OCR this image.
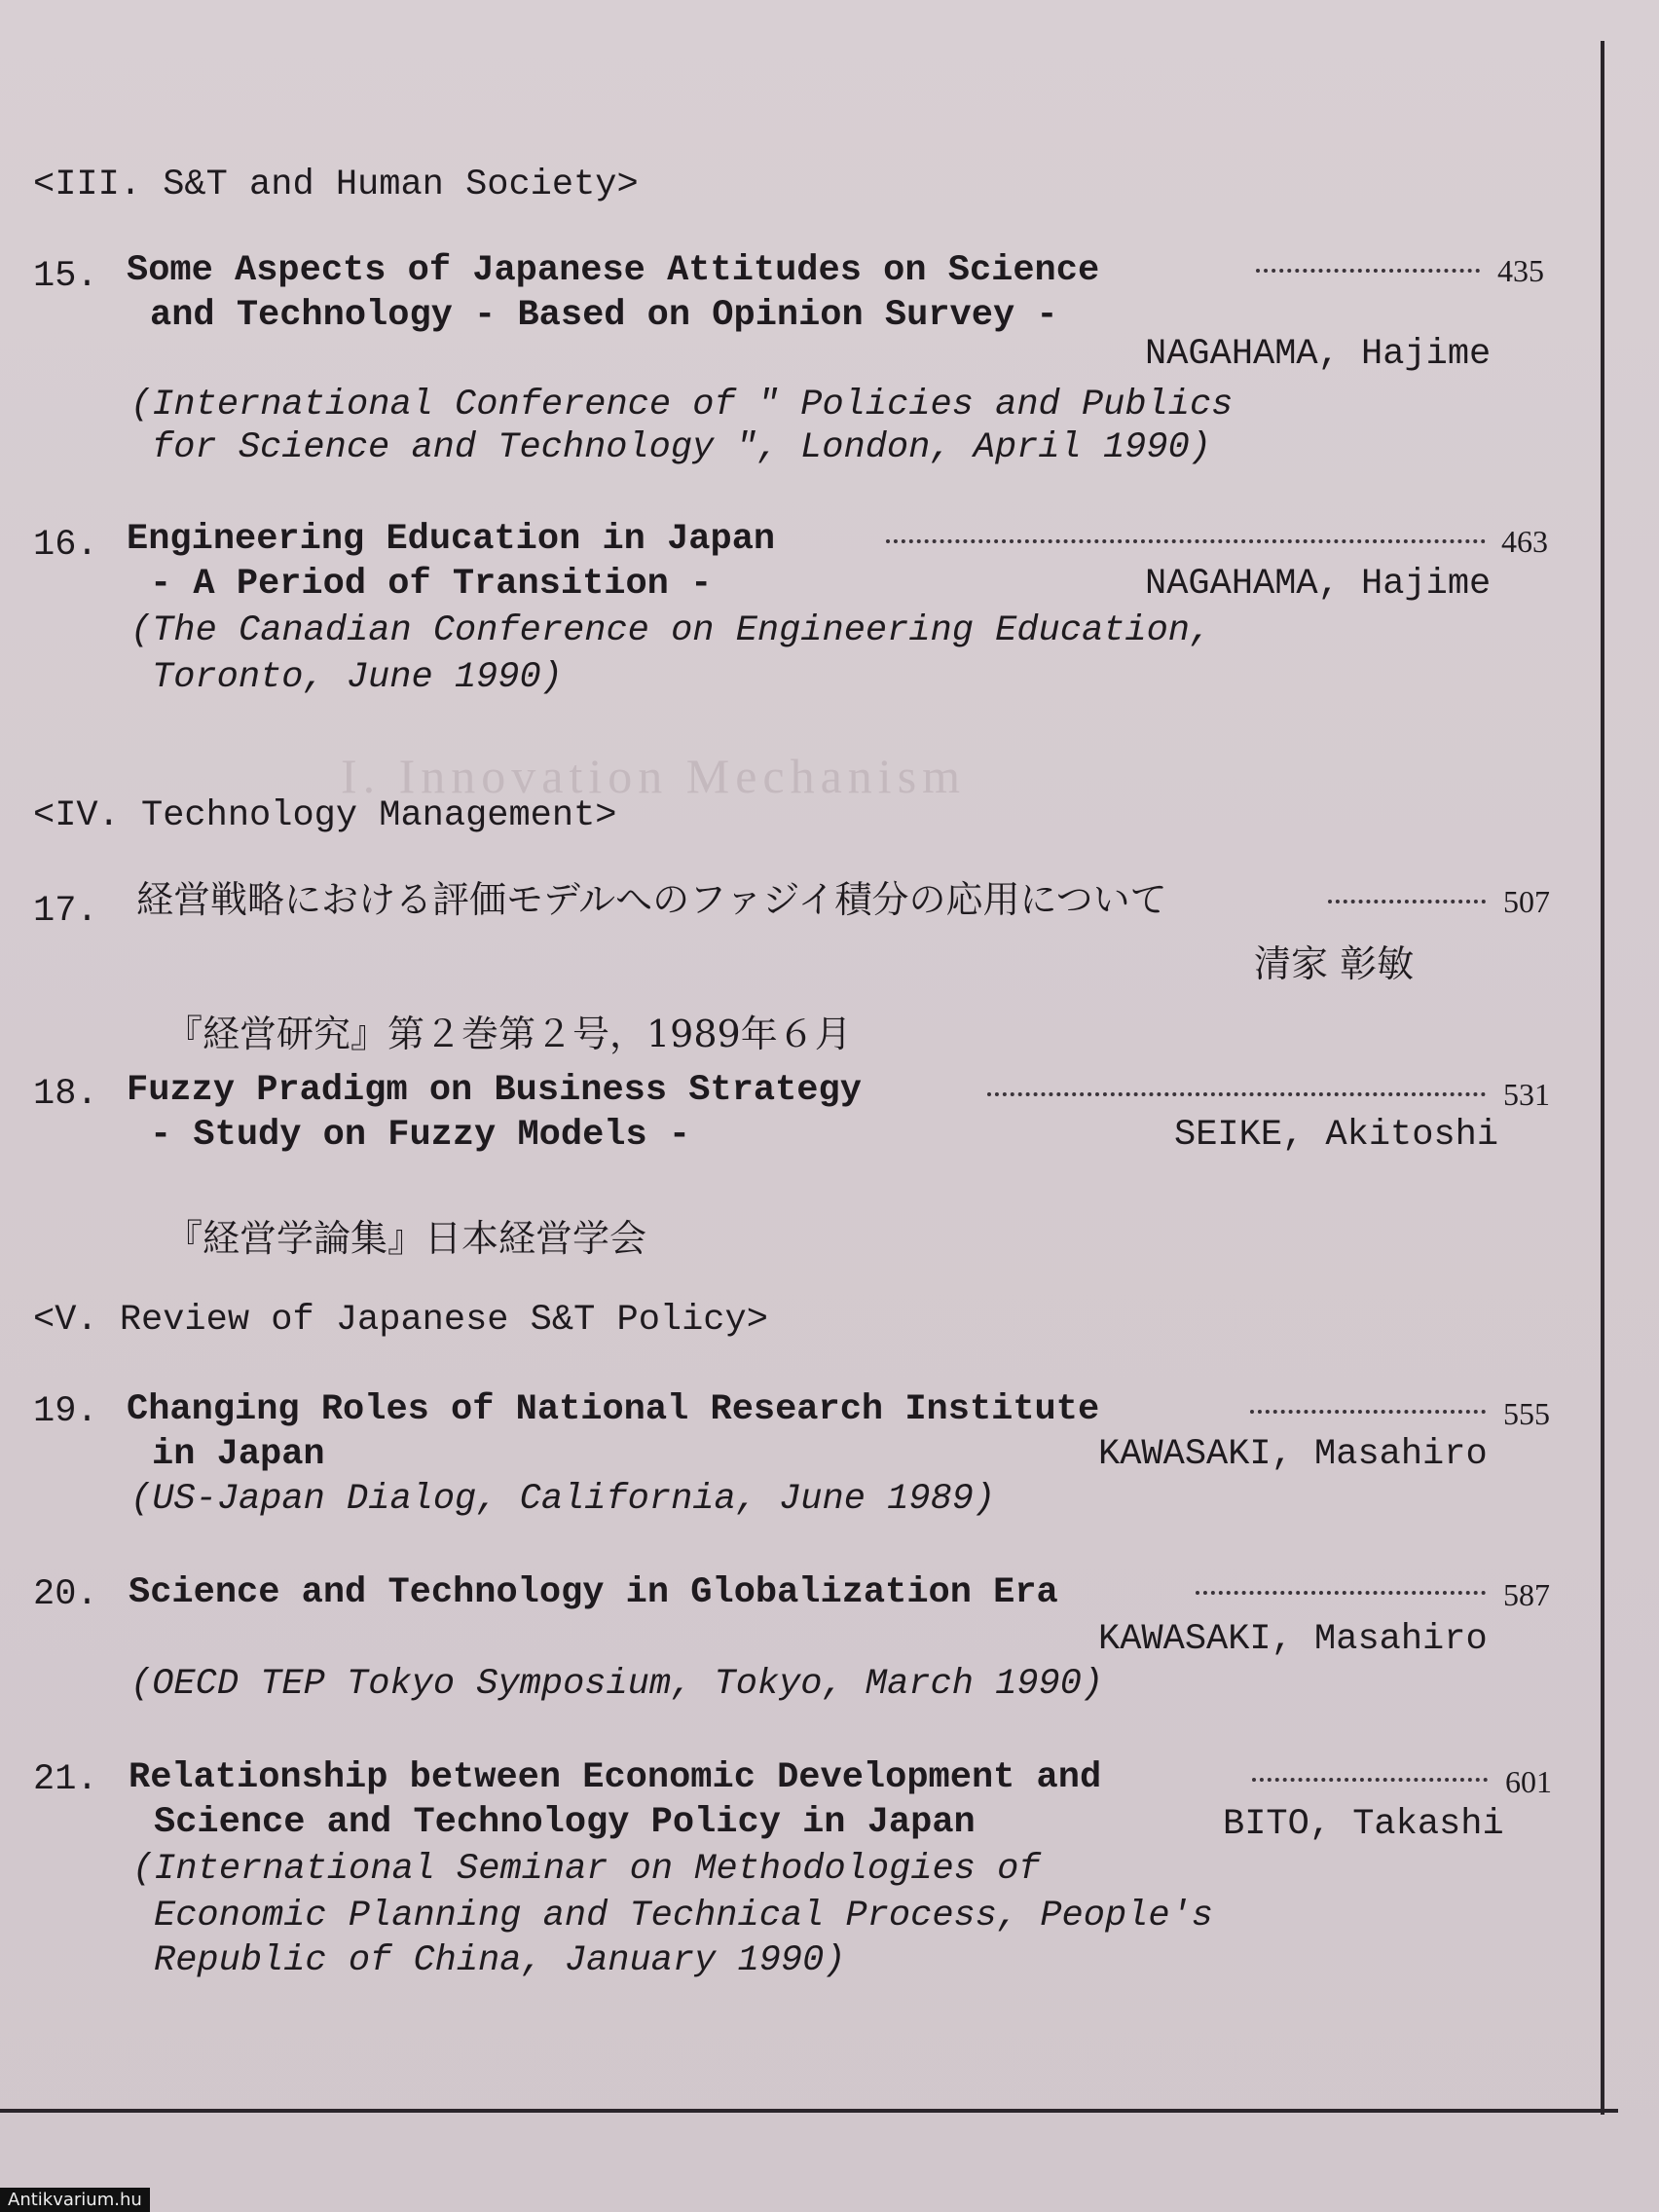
I. Innovation Mechanism
<III. S&T and Human Society>
15. Some Aspects of Japanese Attitudes on Science	435
and Technology - Based on Opinion Survey -
NAGAHAMA, Hajime
(International Conference of " Policies and Publics
for Science and Technology ", London, April 1990)
16. Engineering Education in Japan	463
- A Period of Transition -	NAGAHAMA, Hajime
(The Canadian Conference on Engineering Education,
Toronto, June 1990)
<IV. Technology Management>
17. 経営戦略における評価モデルへのファジイ積分の応用について	507
清家 彰敏
『経営研究』第２巻第２号，1989年６月
18. Fuzzy Pradigm on Business Strategy	531
- Study on Fuzzy Models -	SEIKE, Akitoshi
『経営学論集』日本経営学会
<V. Review of Japanese S&T Policy>
19. Changing Roles of National Research Institute	555
in Japan	KAWASAKI, Masahiro
(US-Japan Dialog, California, June 1989)
20. Science and Technology in Globalization Era	587
KAWASAKI, Masahiro
(OECD TEP Tokyo Symposium, Tokyo, March 1990)
21. Relationship between Economic Development and	601
Science and Technology Policy in Japan	BITO, Takashi
(International Seminar on Methodologies of
Economic Planning and Technical Process, People's
Republic of China, January 1990)
Antikvarium.hu
